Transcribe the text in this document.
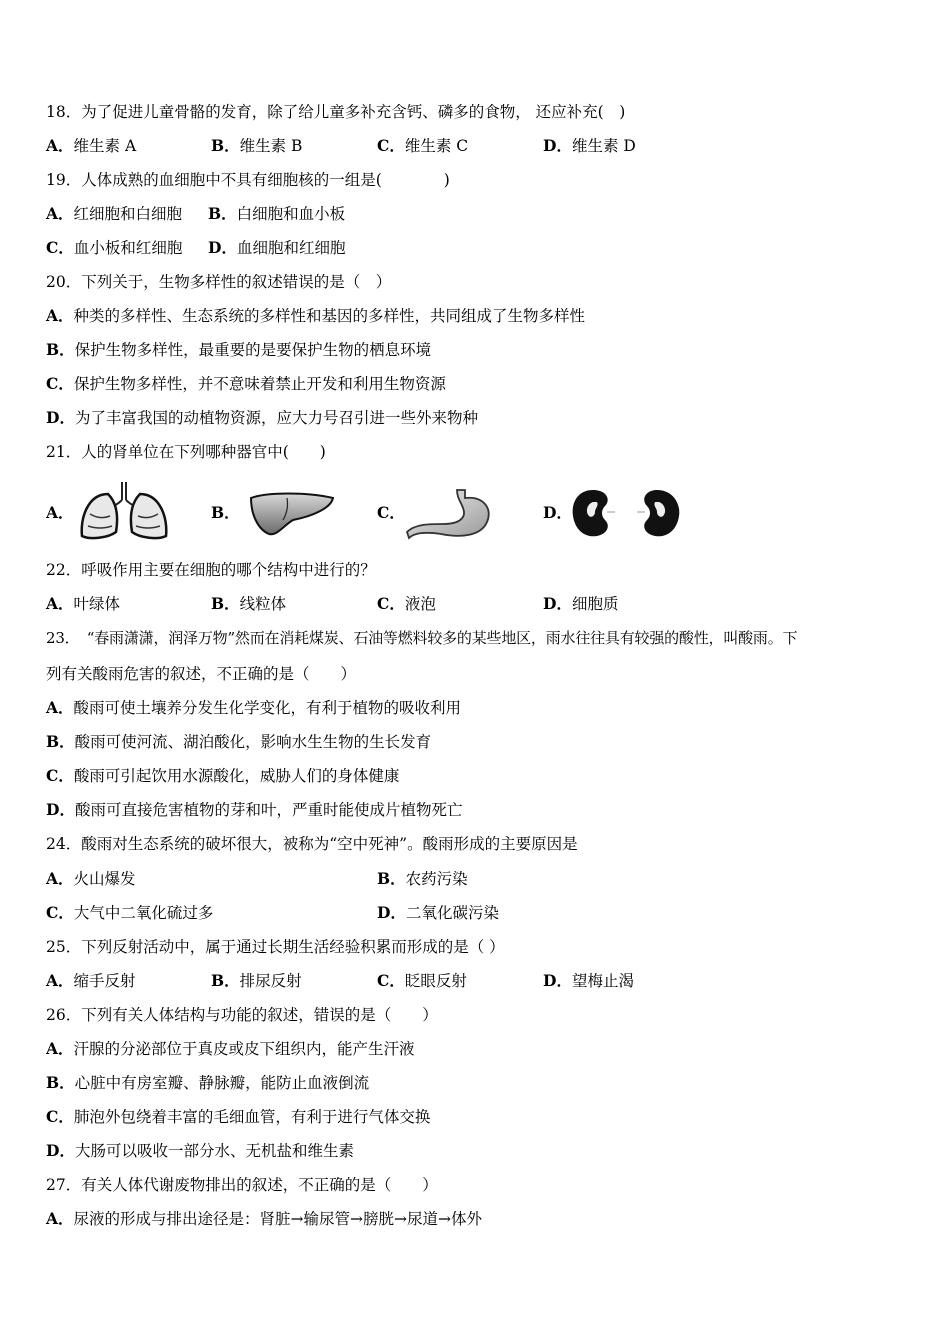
18．为了促进儿童骨骼的发育，除了给儿童多补充含钙、磷多的食物， 还应补充(　)
A．维生素 A	B．维生素 B	C．维生素 C	D．维生素 D
19．人体成熟的血细胞中不具有细胞核的一组是(　　　　)
A．红细胞和白细胞 B．白细胞和血小板
C．血小板和红细胞 D．血细胞和红细胞
20．下列关于，生物多样性的叙述错误的是（　）
A．种类的多样性、生态系统的多样性和基因的多样性，共同组成了生物多样性
B．保护生物多样性，最重要的是要保护生物的栖息环境
C．保护生物多样性，并不意味着禁止开发和利用生物资源
D．为了丰富我国的动植物资源，应大力号召引进一些外来物种
21．人的肾单位在下列哪种器官中(　　)
A．	B．	C．	D．
22．呼吸作用主要在细胞的哪个结构中进行的？
A．叶绿体	B．线粒体	C．液泡	D．细胞质
23．　“春雨潇潇，润泽万物”然而在消耗煤炭、石油等燃料较多的某些地区，雨水往往具有较强的酸性，叫酸雨。下
列有关酸雨危害的叙述，不正确的是（　　）
A．酸雨可使土壤养分发生化学变化，有利于植物的吸收利用
B．酸雨可使河流、湖泊酸化，影响水生生物的生长发育
C．酸雨可引起饮用水源酸化，威胁人们的身体健康
D．酸雨可直接危害植物的芽和叶，严重时能使成片植物死亡
24．酸雨对生态系统的破坏很大，被称为“空中死神”。酸雨形成的主要原因是
A．火山爆发	B．农药污染
C．大气中二氧化硫过多	D．二氧化碳污染
25．下列反射活动中，属于通过长期生活经验积累而形成的是（ ）
A．缩手反射	B．排尿反射	C．眨眼反射	D．望梅止渴
26．下列有关人体结构与功能的叙述，错误的是（　　）
A．汗腺的分泌部位于真皮或皮下组织内，能产生汗液
B．心脏中有房室瓣、静脉瓣，能防止血液倒流
C．肺泡外包绕着丰富的毛细血管，有利于进行气体交换
D．大肠可以吸收一部分水、无机盐和维生素
27．有关人体代谢废物排出的叙述，不正确的是（　　）
A．尿液的形成与排出途径是：肾脏→输尿管→膀胱→尿道→体外
